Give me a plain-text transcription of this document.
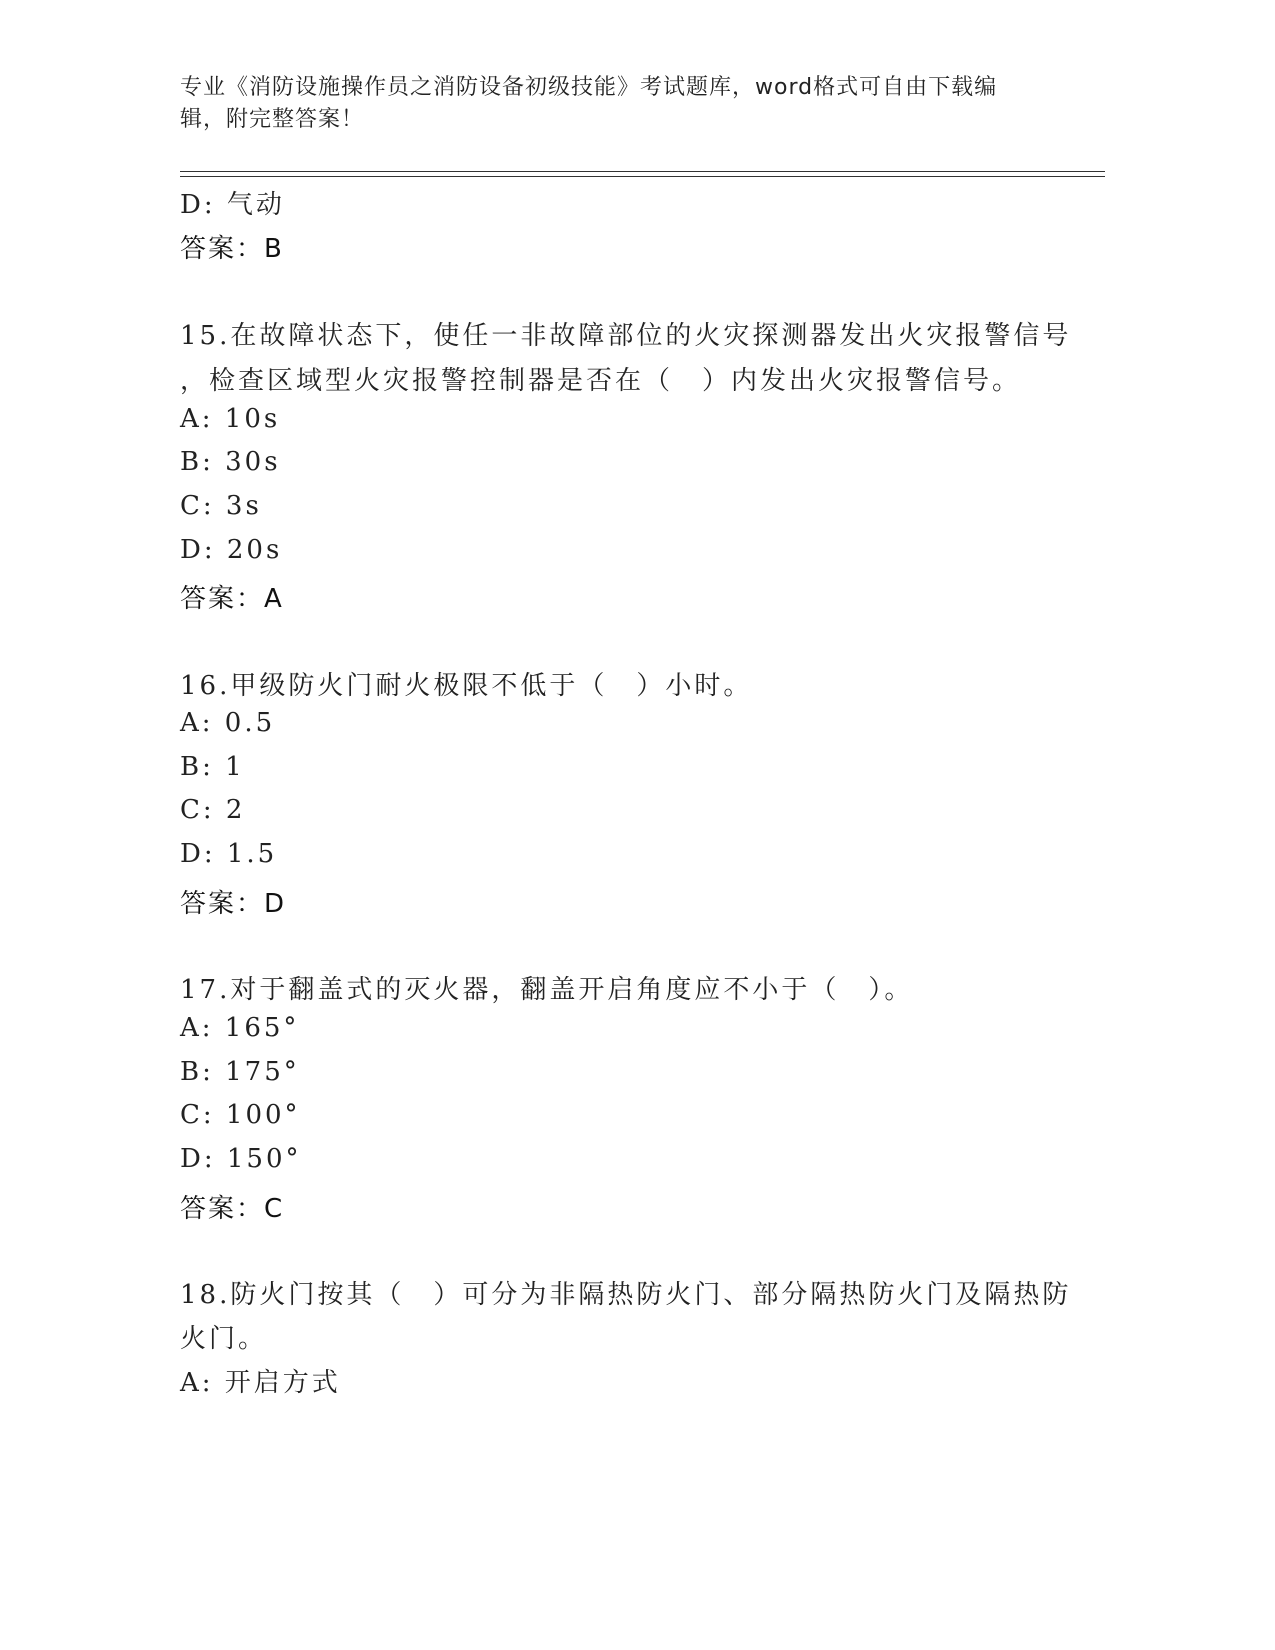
专业《消防设施操作员之消防设备初级技能》考试题库，word格式可自由下载编辑，附完整答案！
D: 气动
答案：B
15.在故障状态下，使任一非故障部位的火灾探测器发出火灾报警信号
，检查区域型火灾报警控制器是否在（　）内发出火灾报警信号。
A: 10s
B: 30s
C: 3s
D: 20s
答案：A
16.甲级防火门耐火极限不低于（　）小时。
A: 0.5
B: 1
C: 2
D: 1.5
答案：D
17.对于翻盖式的灭火器，翻盖开启角度应不小于（　）。
A: 165°
B: 175°
C: 100°
D: 150°
答案：C
18.防火门按其（　）可分为非隔热防火门、部分隔热防火门及隔热防
火门。
A: 开启方式
